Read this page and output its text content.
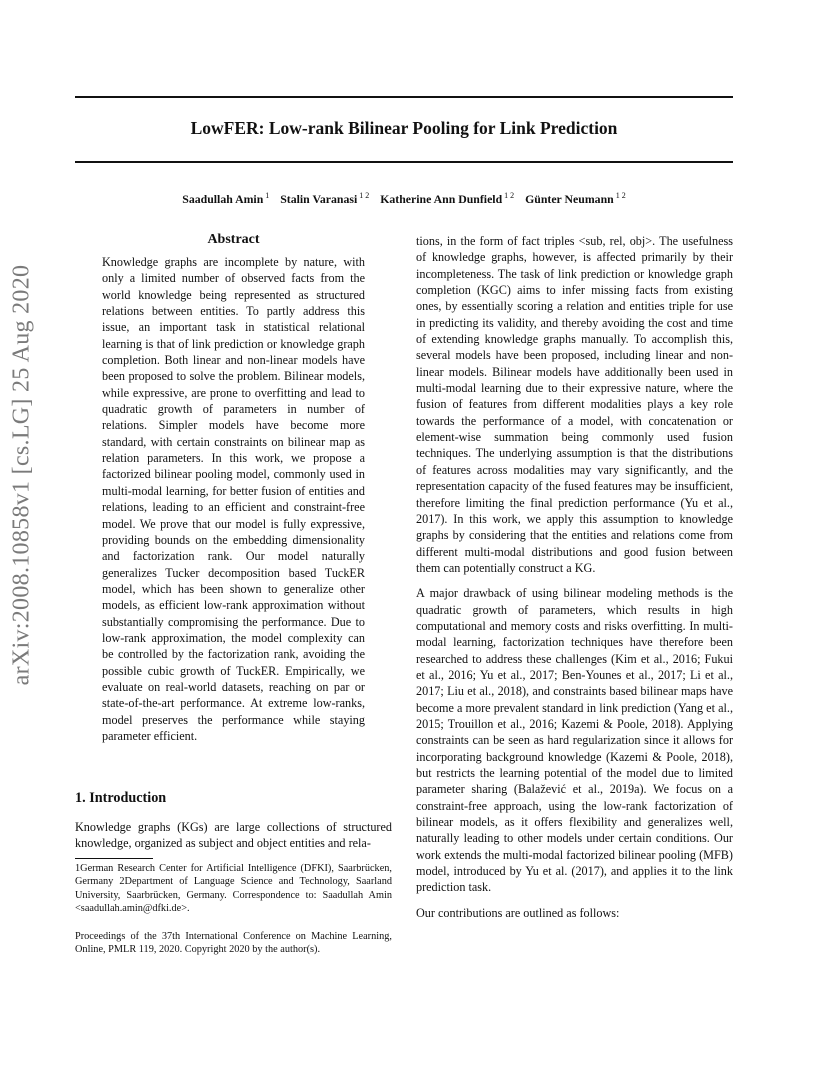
LowFER: Low-rank Bilinear Pooling for Link Prediction
Saadullah Amin $^1$ Stalin Varanasi $^{1 2}$ Katherine Ann Dunfield $^{1 2}$ Günter Neumann $^{1 2}$
arXiv:2008.10858v1 [cs.LG] 25 Aug 2020
Abstract

Knowledge graphs are incomplete by nature, with only a limited number of observed facts from the world knowledge being represented as structured relations between entities. To partly address this issue, an important task in statistical relational learning is that of link prediction or knowledge graph completion. Both linear and non-linear models have been proposed to solve the problem. Bilinear models, while expressive, are prone to overfitting and lead to quadratic growth of parameters in number of relations. Simpler models have become more standard, with certain constraints on bilinear map as relation parameters. In this work, we propose a factorized bilinear pooling model, commonly used in multi-modal learning, for better fusion of entities and relations, leading to an efficient and constraint-free model. We prove that our model is fully expressive, providing bounds on the embedding dimensionality and factorization rank. Our model naturally generalizes Tucker decomposition based TuckER model, which has been shown to generalize other models, as efficient low-rank approximation without substantially compromising the performance. Due to low-rank approximation, the model complexity can be controlled by the factorization rank, avoiding the possible cubic growth of TuckER. Empirically, we evaluate on real-world datasets, reaching on par or state-of-the-art performance. At extreme low-ranks, model preserves the performance while staying parameter efficient.

1. Introduction

Knowledge graphs (KGs) are large collections of structured knowledge, organized as subject and object entities and rela-

1German Research Center for Artificial Intelligence (DFKI), Saarbrücken, Germany 2Department of Language Science and Technology, Saarland University, Saarbrücken, Germany. Correspondence to: Saadullah Amin <saadullah.amin@dfki.de>.

Proceedings of the 37th International Conference on Machine Learning, Online, PMLR 119, 2020. Copyright 2020 by the author(s).

tions, in the form of fact triples <sub, rel, obj>. The usefulness of knowledge graphs, however, is affected primarily by their incompleteness. The task of link prediction or knowledge graph completion (KGC) aims to infer missing facts from existing ones, by essentially scoring a relation and entities triple for use in predicting its validity, and thereby avoiding the cost and time of extending knowledge graphs manually. To accomplish this, several models have been proposed, including linear and non-linear models. Bilinear models have additionally been used in multi-modal learning due to their expressive nature, where the fusion of features from different modalities plays a key role towards the performance of a model, with concatenation or element-wise summation being commonly used fusion techniques. The underlying assumption is that the distributions of features across modalities may vary significantly, and the representation capacity of the fused features may be insufficient, therefore limiting the final prediction performance (Yu et al., 2017). In this work, we apply this assumption to knowledge graphs by considering that the entities and relations come from different multi-modal distributions and good fusion between them can potentially construct a KG.

A major drawback of using bilinear modeling methods is the quadratic growth of parameters, which results in high computational and memory costs and risks overfitting. In multi-modal learning, factorization techniques have therefore been researched to address these challenges (Kim et al., 2016; Fukui et al., 2016; Yu et al., 2017; Ben-Younes et al., 2017; Li et al., 2017; Liu et al., 2018), and constraints based bilinear maps have become a more prevalent standard in link prediction (Yang et al., 2015; Trouillon et al., 2016; Kazemi & Poole, 2018). Applying constraints can be seen as hard regularization since it allows for incorporating background knowledge (Kazemi & Poole, 2018), but restricts the learning potential of the model due to limited parameter sharing (Balažević et al., 2019a). We focus on a constraint-free approach, using the low-rank factorization of bilinear models, as it offers flexibility and generalizes well, naturally leading to other models under certain conditions. Our work extends the multi-modal factorized bilinear pooling (MFB) model, introduced by Yu et al. (2017), and applies it to the link prediction task.

Our contributions are outlined as follows:
